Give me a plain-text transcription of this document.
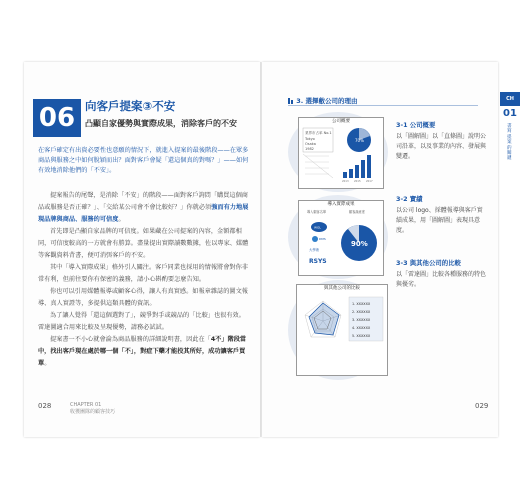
06 向客戶提案③不安
凸顯自家優勢與實際成果，消除客戶的不安
在客戶確定有出資必要性也意願的情況下，就進入提案的最後階段——在眾多商品與服務之中如何脫穎而出？面對客戶會疑「還這個真的對嗎？」——如何有效地消除他們的「不安」。

提案報告的尾聲，是消除「不安」的階段——面對客戶詢問「購買這個商品或服務是否正確？」、「交給某公司會不會比較好？」你就必須強而有力地展現品牌與商品、服務的可信度。

首先即是凸顯自家品牌的可信度。如果藏在公司提案的內容，金額都相同，可信度較高的一方就會有勝算。盡量提出實際讀數數據，佐以專家、媒體等客觀資料背書，便可消弭客戶的不安。

其中「導入實際成果」格外引人關注。客戶同業也採用的情報將會對你非常有利，但前往要你有保密的義務，請小心斟酌要怎麼告知。

你也可以引用媒體報導或顧客心得，讓人有真實感。如報章雜誌的圖文報導、真人實證等，多提供這類具體的資訊。

為了讓人覺得「還這個選對了」，競爭對手或競品的「比較」也很有效。雷達圖適合用來比較及呈現優勢，請務必試試。

提案書一不小心就會淪為商品服務的詳細說明書，因此在「4不」階段當中，找出客戶現在處於哪一個「不」，對症下藥才能投其所好，成功讓客戶買單。

028	CHAPTER 01
收獲團隊的顧客技巧
3. 選擇敝公司的理由
公司概要
業界市占率 No.1
Tokyo
Osaka
1982
70%
2013 2015 2017
3-1 公司概要
以「圖解圖」以「直條圖」說明公司沿革，以及事業的內容、發展與變遷。
導入實際成果
導入顧客名單	顧客滿意度
WGL
DMS
大學術
RSYS
90%
3-2 實績
以公司 logo、採體報導與客戶實績成果，用「圖解圖」表現具意度。
與其他公司的比較
1. XXXXXX
2. XXXXXX
3. XXXXXX
4. XXXXXX
5. XXXXXX
3-3 與其他公司的比較
以「雷達圖」比較各種服務的特色與優劣。
029
CH
01
書寫提案的關鍵
